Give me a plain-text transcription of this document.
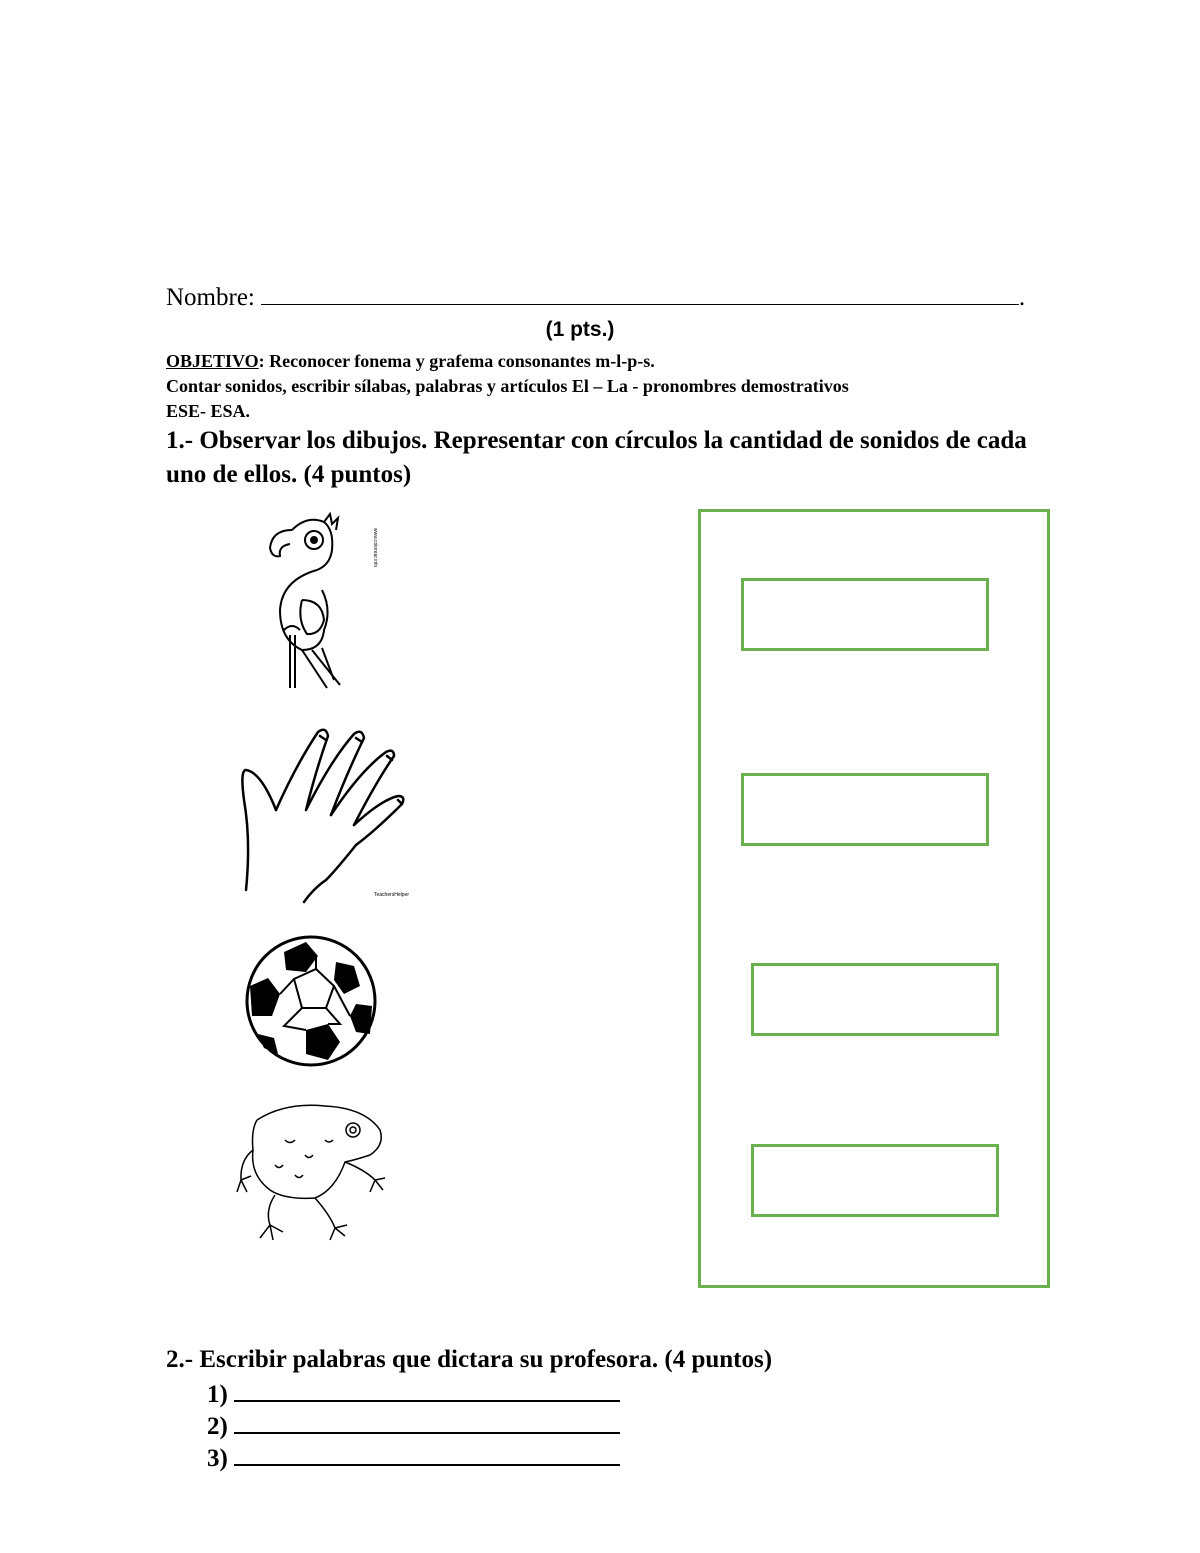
Nombre:	.
(1 pts.)
OBJETIVO: Reconocer fonema y grafema consonantes m-l-p-s.
Contar sonidos, escribir sílabas, palabras y artículos El – La - pronombres demostrativos
ESE- ESA.
1.- Observar los dibujos. Representar con círculos la cantidad de sonidos de cada uno de ellos. (4 puntos)
www.colorear.info
TeachersHelper
2.- Escribir palabras que dictara su profesora. (4 puntos)
1)
2)
3)
